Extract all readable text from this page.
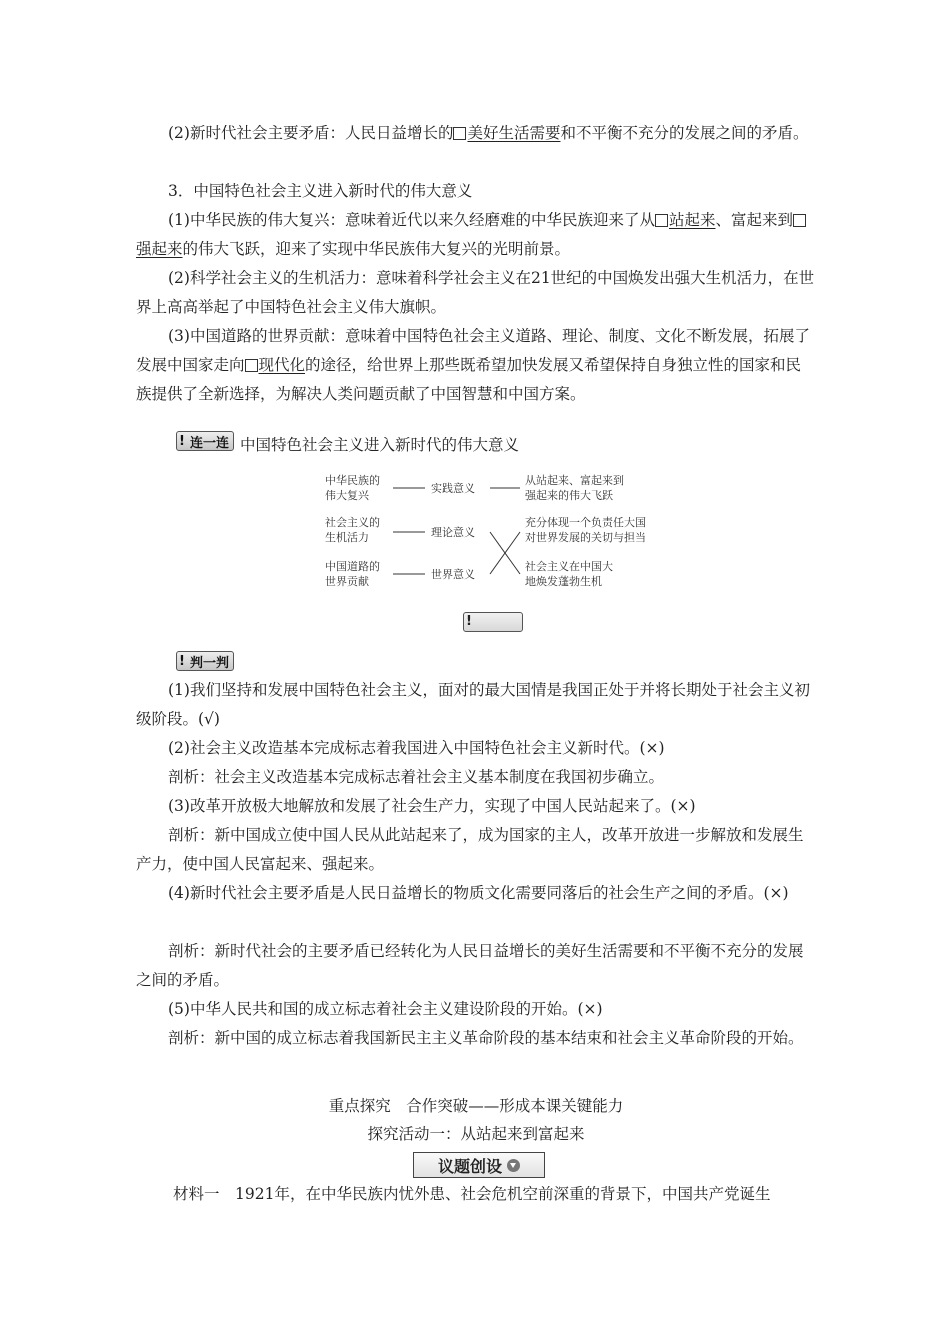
(2)新时代社会主要矛盾：人民日益增长的 美好生活需要和不平衡不充分的发展之间的矛盾。

3．中国特色社会主义进入新时代的伟大意义

(1)中华民族的伟大复兴：意味着近代以来久经磨难的中华民族迎来了从 站起来、富起来到强起来的伟大飞跃，迎来了实现中华民族伟大复兴的光明前景。

(2)科学社会主义的生机活力：意味着科学社会主义在21世纪的中国焕发出强大生机活力，在世界上高高举起了中国特色社会主义伟大旗帜。

(3)中国道路的世界贡献：意味着中国特色社会主义道路、理论、制度、文化不断发展，拓展了发展中国家走向 现代化的途径，给世界上那些既希望加快发展又希望保持自身独立性的国家和民族提供了全新选择，为解决人类问题贡献了中国智慧和中国方案。

! 连一连 中国特色社会主义进入新时代的伟大意义
中华民族的
伟大复兴
社会主义的
生机活力
中国道路的
世界贡献
实践意义
理论意义
世界意义
从站起来、富起来到
强起来的伟大飞跃
充分体现一个负责任大国
对世界发展的关切与担当
社会主义在中国大
地焕发蓬勃生机
!
! 判一判

(1)我们坚持和发展中国特色社会主义，面对的最大国情是我国正处于并将长期处于社会主义初级阶段。(√)

(2)社会主义改造基本完成标志着我国进入中国特色社会主义新时代。(×)

剖析：社会主义改造基本完成标志着社会主义基本制度在我国初步确立。

(3)改革开放极大地解放和发展了社会生产力，实现了中国人民站起来了。(×)

剖析：新中国成立使中国人民从此站起来了，成为国家的主人，改革开放进一步解放和发展生产力，使中国人民富起来、强起来。

(4)新时代社会主要矛盾是人民日益增长的物质文化需要同落后的社会生产之间的矛盾。(×)

剖析：新时代社会的主要矛盾已经转化为人民日益增长的美好生活需要和不平衡不充分的发展之间的矛盾。

(5)中华人民共和国的成立标志着社会主义建设阶段的开始。(×)

剖析：新中国的成立标志着我国新民主主义革命阶段的基本结束和社会主义革命阶段的开始。

重点探究　合作突破——形成本课关键能力
探究活动一：从站起来到富起来
议题创设

材料一　1921年，在中华民族内忧外患、社会危机空前深重的背景下，中国共产党诞生
